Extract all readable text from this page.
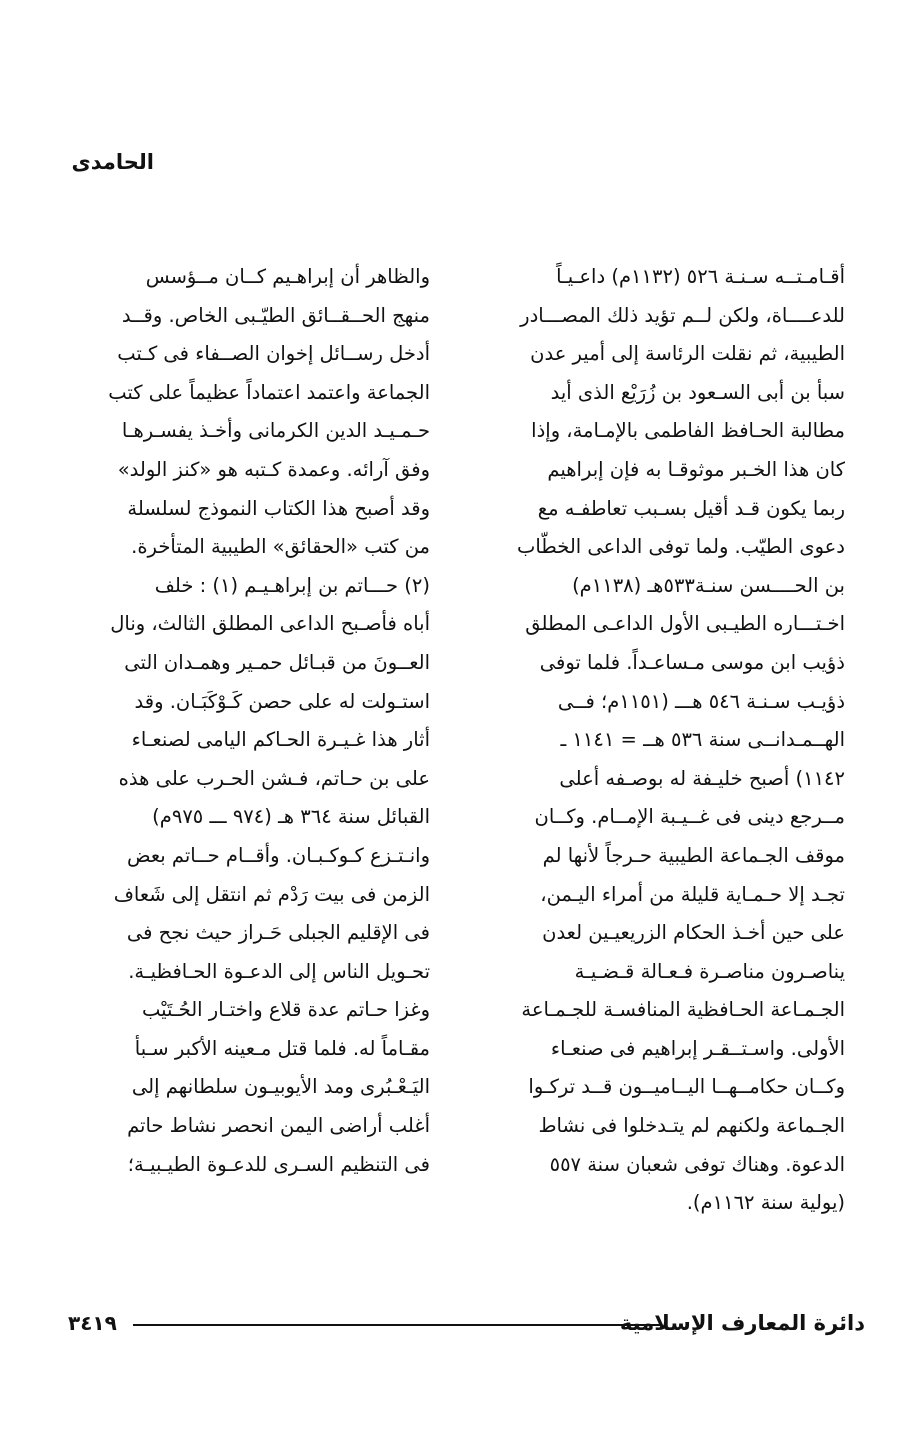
الحامدى
أقـامـتــه سـنـة ٥٢٦ (١١٣٢م) داعـيـاً
للدعــــاة، ولكن لــم تؤيد ذلك المصـــادر
الطيبية، ثم نقلت الرئاسة إلى أمير عدن
سبأ بن أبى السـعود بن زُرَيْع الذى أيد
مطالبة الحـافظ الفاطمى بالإمـامة، وإذا
كان هذا الخـبر موثوقـا به فإن إبراهيم
ربما يكون قـد أقيل بسـبب تعاطفـه مع
دعوى الطيّب. ولما توفى الداعى الخطّاب
بن الحــــسن سنـة٥٣٣هـ (١١٣٨م)
اخـتـــاره الطيـبى الأول الداعـى المطلق
ذؤيب ابن موسى مـساعـداً. فلما توفى
ذؤيـب سـنـة ٥٤٦ هـــ (١١٥١م؛ فــى
الهــمـدانــى سنة ٥٣٦ هــ = ١١٤١ ـ
١١٤٢) أصبح خليـفة له بوصـفه أعلى
مــرجع دينى فى غــيـبة الإمــام. وكــان
موقف الجـماعة الطيبية حـرجاً لأنها لم
تجـد إلا حـمـاية قليلة من أمراء اليـمن،
على حين أخـذ الحكام الزريعيـين لعدن
يناصـرون مناصـرة فـعـالة قـضـيـة
الجـمـاعة الحـافظية المنافسـة للجـمـاعة
الأولى. واسـتــقـر إبراهيم فى صنعـاء
وكــان حكامــهــا اليــاميــون قــد تركـوا
الجـماعة ولكنهم لم يتـدخلوا فى نشاط
الدعوة. وهناك توفى شعبان سنة ٥٥٧
(يولية سنة ١١٦٢م).
والظاهر أن إبراهـيم كــان مــؤسس
منهج الحــقــائق الطيّـبى الخاص. وقــد
أدخل رســائل إخوان الصــفاء فى كـتب
الجماعة واعتمد اعتماداً عظيماً على كتب
حـمـيـد الدين الكرمانى وأخـذ يفسـرهـا
وفق آرائه. وعمدة كـتبه هو «كنز الولد»
وقد أصبح هذا الكتاب النموذج لسلسلة
من كتب «الحقائق» الطيبية المتأخرة.
(٢) حـــاتم بن إبراهـيـم (١) : خلف
أباه فأصـبح الداعى المطلق الثالث، ونال
العــونَ من قبـائل حمـير وهمـدان التى
استـولت له على حصن كَـوْكَبَـان. وقد
أثار هذا غـيـرة الحـاكم اليامى لصنعـاء
على بن حـاتم، فـشن الحـرب على هذه
القبائل سنة ٣٦٤ هـ (٩٧٤ ـــ ٩٧٥م)
وانـتـزع كـوكـبـان. وأقــام حــاتم بعض
الزمن فى بيت رَدْم ثم انتقل إلى شَعاف
فى الإقليم الجبلى حَـراز حيث نجح فى
تحـويل الناس إلى الدعـوة الحـافظيـة.
وغزا حـاتم عدة قلاع واختـار الحُـتَيْب
مقـاماً له. فلما قتل مـعينه الأكبر سـبأ
اليَـعْـبُرى ومد الأيوبيـون سلطانهم إلى
أغلب أراضى اليمن انحصر نشاط حاتم
فى التنظيم السـرى للدعـوة الطيـبيـة؛
دائرة المعارف الإسلامية
٣٤١٩
